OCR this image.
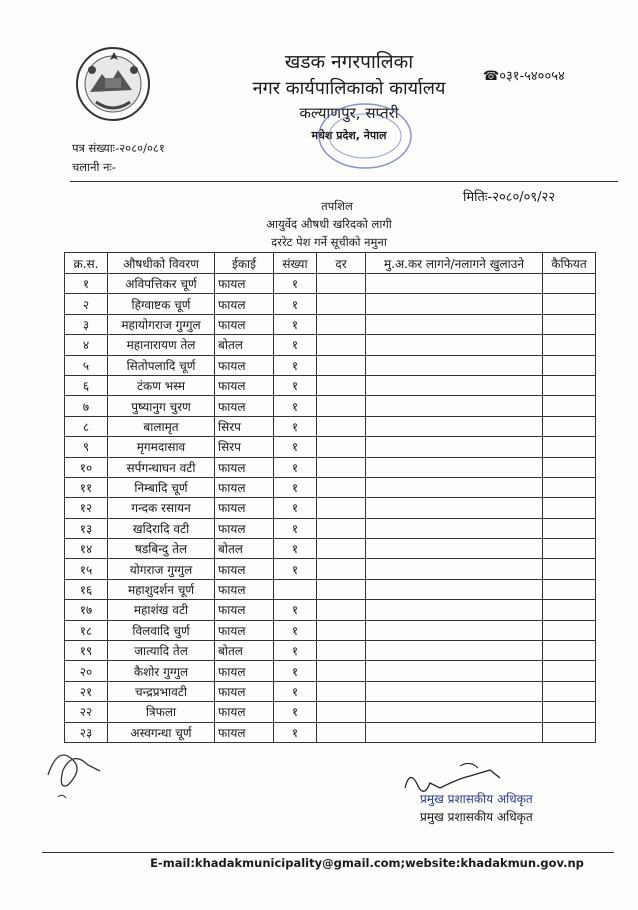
खडक नगरपालिका
नगर कार्यपालिकाको कार्यालय
कल्याणपुर, सप्तरी
मधेश प्रदेश, नेपाल
☎०३१-५४००५४
पत्र संख्याः-२०८०/०८१
चलानी नः-
मितिः-२०८०/०९/२२
तपशिल
आयुर्वेद औषधी खरिदको लागी
दररेट पेश गर्ने सूचीको नमुना
क्र.स.	औषधीको विवरण	ईकाई	संख्या	दर	मु.अ.कर लागने/नलागने खुलाउने	कैफियत
१	अविपत्तिकर चूर्ण	फायल	१			
२	हिग्वाष्टक चूर्ण	फायल	१			
३	महायोगराज गुग्गुल	फायल	१			
४	महानारायण तेल	बोतल	१			
५	सितोपलादि चूर्ण	फायल	१			
६	टंकण भस्म	फायल	१			
७	पुष्यानुग चुरण	फायल	१			
८	बालामृत	सिरप	१			
९	मृगमदासाव	सिरप	१			
१०	सर्पगन्धाघन वटी	फायल	१			
११	निम्बादि चूर्ण	फायल	१			
१२	गन्दक रसायन	फायल	१			
१३	खदिरादि वटी	फायल	१			
१४	षडबिन्दु तेल	बोतल	१			
१५	योगराज गुग्गुल	फायल	१			
१६	महाशुदर्शन चूर्ण	फायल				
१७	महाशंख वटी	फायल	१			
१८	विलवादि चुर्ण	फायल	१			
१९	जात्यादि तेल	बोतल	१			
२०	कैशोर गुग्गुल	फायल	१			
२१	चन्द्रप्रभावटी	फायल	१			
२२	त्रिफला	फायल	१			
२३	अस्वगन्धा चूर्ण	फायल	१			
प्रमुख प्रशासकीय अधिकृत
प्रमुख प्रशासकीय अधिकृत
E-mail:khadakmunicipality@gmail.com;website:khadakmun.gov.np
